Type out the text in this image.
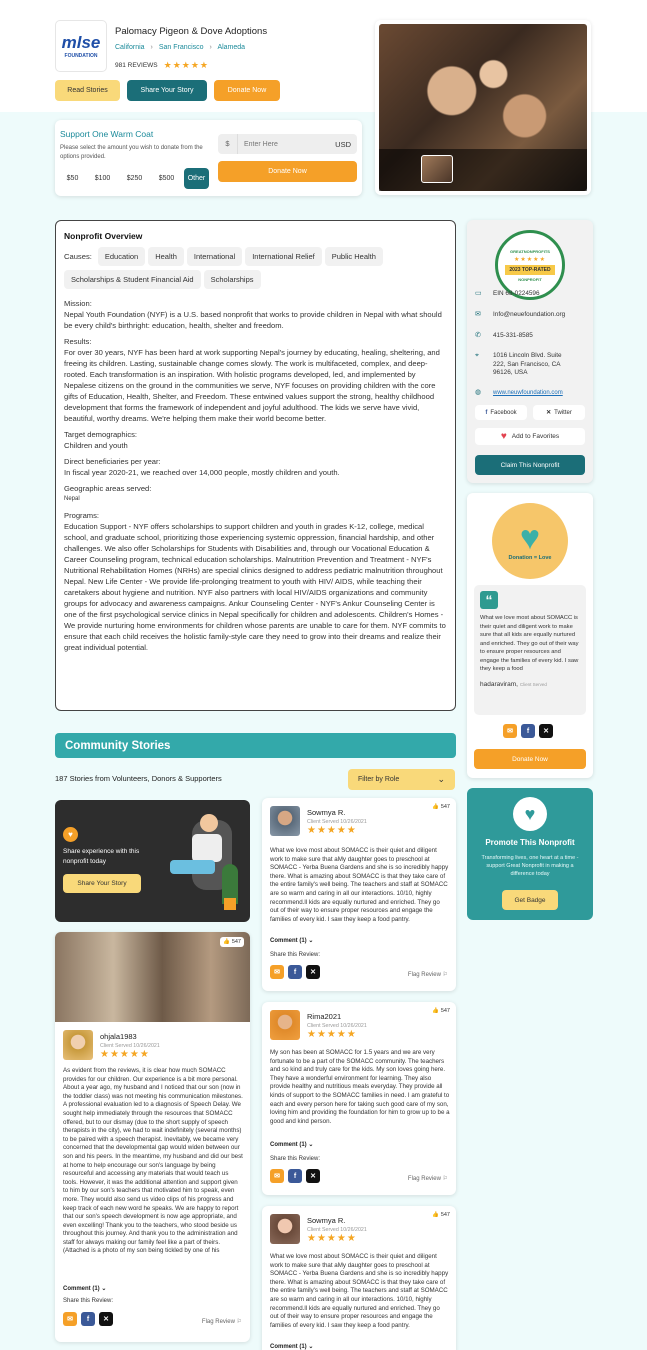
mlse
FOUNDATION
Palomacy Pigeon & Dove Adoptions
California › San Francisco › Alameda
981 REVIEWS ★★★★★
Read Stories	Share Your Story	Donate Now
Support One Warm Coat
Please select the amount you wish to donate from the options provided.
$50	$100	$250	$500	Other
$
Enter Here	USD
Donate Now
Nonprofit Overview
Causes:	Education	Health	International	International Relief	Public Health
Scholarships & Student Financial Aid	Scholarships
Mission:
Nepal Youth Foundation (NYF) is a U.S. based nonprofit that works to provide children in Nepal with what should be every child's birthright: education, health, shelter and freedom.
Results:
For over 30 years, NYF has been hard at work supporting Nepal's journey by educating, healing, sheltering, and freeing its children. Lasting, sustainable change comes slowly. The work is multifaceted, complex, and deep-rooted. Each transformation is an inspiration. With holistic programs developed, led, and implemented by Nepalese citizens on the ground in the communities we serve, NYF focuses on providing children with the core gifts of Education, Health, Shelter, and Freedom. These entwined values support the strong, healthy childhood development that forms the framework of independent and joyful adulthood. The kids we serve have vivid, beautiful, worthy dreams. We're helping them make their world become better.
Target demographics:
Children and youth
Direct beneficiaries per year:
In fiscal year 2020-21, we reached over 14,000 people, mostly children and youth.
Geographic areas served:
Nepal
Programs:
Education Support - NYF offers scholarships to support children and youth in grades K-12, college, medical school, and graduate school, prioritizing those experiencing systemic oppression, financial hardship, and other challenges. We also offer Scholarships for Students with Disabilities and, through our Vocational Education & Career Counseling program, technical education scholarships. Malnutrition Prevention and Treatment - NYF's Nutritional Rehabilitation Homes (NRHs) are special clinics designed to address pediatric malnutrition throughout Nepal. New Life Center - We provide life-prolonging treatment to youth with HIV/ AIDS, while teaching their caretakers about hygiene and nutrition. NYF also partners with local HIV/AIDS organizations and community groups for advocacy and awareness campaigns. Ankur Counseling Center - NYF's Ankur Counseling Center is one of the first psychological service clinics in Nepal specifically for children and adolescents. Children's Homes - We provide nurturing home environments for children whose parents are unable to care for them. NYF commits to ensure that each child receives the holistic family-style care they need to grow into their dreams and realize their great individual potential.
GREATNONPROFITS
★★★★★
2023 TOP-RATED
NONPROFIT
▭	EIN 68-0224596
✉	Info@neuefoundation.org
✆	415-331-8585
⌖	1016 Lincoln Blvd. Suite 222, San Francisco, CA 96126, USA
◍	www.neuwfoundation.com
f Facebook	✕ Twitter
♥ Add to Favorites
Claim This Nonprofit
♥
Donation = Love
“
What we love most about SOMACC is their quiet and diligent work to make sure that all kids are equally nurtured and enriched. They go out of their way to ensure proper resources and engage the families of every kid. I saw they keep a food
hadaraviram, Client Served
✉	f	✕
Donate Now
♥
Promote This Nonprofit
Transforming lives, one heart at a time - support Great Nonprofit in making a difference today
Get Badge
Community Stories
187 Stories from Volunteers, Donors & Supporters	Filter by Role	⌄
♥
Share experience with this nonprofit today
Share Your Story
👍 547
ohjala1983
Client Served 10/26/2021
★★★★★
As evident from the reviews, it is clear how much SOMACC provides for our children. Our experience is a bit more personal. About a year ago, my husband and I noticed that our son (now in the toddler class) was not meeting his communication milestones. A professional evaluation led to a diagnosis of Speech Delay. We sought help immediately through the resources that SOMACC offered, but to our dismay (due to the short supply of speech therapists in the city), we had to wait indefinitely (several months) to be paired with a speech therapist. Inevitably, we became very concerned that the developmental gap would widen between our son and his peers. In the meantime, my husband and did our best at home to help encourage our son's language by being resourceful and accessing any materials that would teach us tools. However, it was the additional attention and support given to him by our son's teachers that motivated him to speak, even more. They would also send us video clips of his progress and keep track of each new word he speaks. We are happy to report that our son's speech development is now age appropriate, and even excelling! Thank you to the teachers, who stood beside us throughout this journey. And thank you to the administration and staff for always making our family feel like a part of theirs. (Attached is a photo of my son being tickled by one of his
Comment (1) ⌄
Share this Review:
✉	f	✕	Flag Review ⚐
Sowmya R.
Client Served 10/26/2021
★★★★★
👍 547
What we love most about SOMACC is their quiet and diligent work to make sure that aMy daughter goes to preschool at SOMACC - Yerba Buena Gardens and she is so incredibly happy there. What is amazing about SOMACC is that they take care of the entire family's well being. The teachers and staff at SOMACC are so warm and caring in all our interactions. 10/10, highly recommend.ll kids are equally nurtured and enriched. They go out of their way to ensure proper resources and engage the families of every kid. I saw they keep a food pantry.
Comment (1) ⌄
Share this Review:
✉	f	✕	Flag Review ⚐
Rima2021
Client Served 10/26/2021
★★★★★
👍 547
My son has been at SOMACC for 1.5 years and we are very fortunate to be a part of the SOMACC community. The teachers and so kind and truly care for the kids. My son loves going here. They have a wonderful environment for learning. They also provide healthy and nutritious meals everyday. They provide all kinds of support to the SOMACC families in need. I am grateful to each and every person here for taking such good care of my son, loving him and providing the foundation for him to grow up to be a good and kind person.
Comment (1) ⌄
Share this Review:
✉	f	✕	Flag Review ⚐
Sowmya R.
Client Served 10/26/2021
★★★★★
👍 547
What we love most about SOMACC is their quiet and diligent work to make sure that aMy daughter goes to preschool at SOMACC - Yerba Buena Gardens and she is so incredibly happy there. What is amazing about SOMACC is that they take care of the entire family's well being. The teachers and staff at SOMACC are so warm and caring in all our interactions. 10/10, highly recommend.ll kids are equally nurtured and enriched. They go out of their way to ensure proper resources and engage the families of every kid. I saw they keep a food pantry.
Comment (1) ⌄
